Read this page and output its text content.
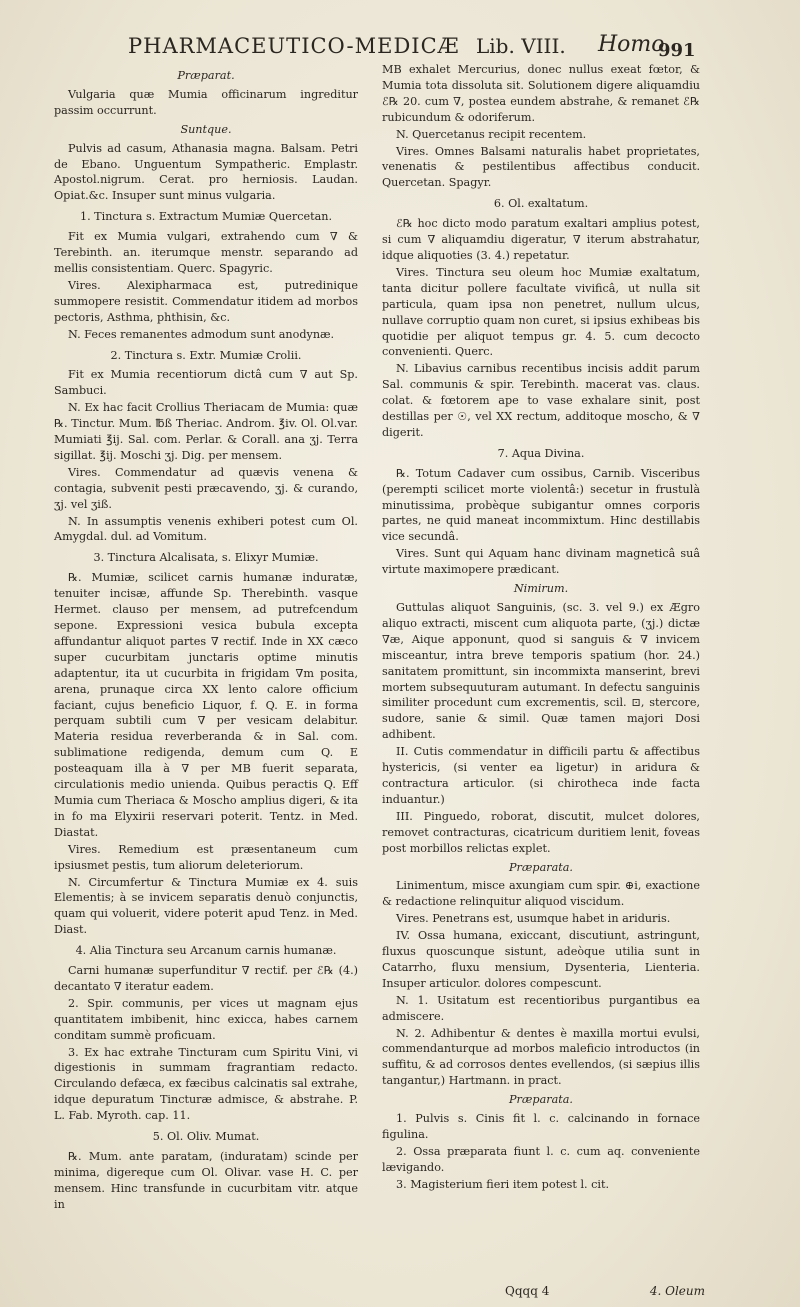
PHARMACEUTICO-MEDICÆ Lib. VIII. Homo
991
Præparat.

Vulgaria quæ Mumia officinarum ingreditur passim occurrunt.

Suntque.

Pulvis ad casum, Athanasia magna. Balsam. Petri de Ebano. Unguentum Sympatheric. Emplastr. Apostol.nigrum. Cerat. pro herniosis. Laudan. Opiat.&c. Insuper sunt minus vulgaria.

1. Tinctura s. Extractum Mumiæ Quercetan.

Fit ex Mumia vulgari, extrahendo cum ∇ & Terebinth. an. iterumque menstr. separando ad mellis consistentiam. Querc. Spagyric.

Vires. Alexipharmaca est, putredinique summopere resistit. Commendatur itidem ad morbos pectoris, Asthma, phthisin, &c.

N. Feces remanentes admodum sunt anodynæ.

2. Tinctura s. Extr. Mumiæ Crolii.

Fit ex Mumia recentiorum dictâ cum ∇ aut Sp. Sambuci.

N. Ex hac facit Crollius Theriacam de Mumia: quæ ℞. Tinctur. Mum. ℔ß Theriac. Androm. ℥iv. Ol. Ol.var. Mumiati ℥ij. Sal. com. Perlar. & Corall. ana ʒj. Terra sigillat. ℥ij. Moschi ʒj. Dig. per mensem.

Vires. Commendatur ad quævis venena & contagia, subvenit pesti præcavendo, ʒj. & curando, ʒj. vel ʒiß.

N. In assumptis venenis exhiberi potest cum Ol. Amygdal. dul. ad Vomitum.

3. Tinctura Alcalisata, s. Elixyr Mumiæ.

℞. Mumiæ, scilicet carnis humanæ induratæ, tenuiter incisæ, affunde Sp. Therebinth. vasque Hermet. clauso per mensem, ad putrefcendum sepone. Expressioni vesica bubula excepta affundantur aliquot partes ∇ rectif. Inde in XX cæco super cucurbitam junctaris optime minutis adaptentur, ita ut cucurbita in frigidam ∇m posita, arena, prunaque circa XX lento calore officium faciant, cujus beneficio Liquor, f. Q. E. in forma perquam subtili cum ∇ per vesicam delabitur. Materia residua reverberanda & in Sal. com. sublimatione redigenda, demum cum Q. E posteaquam illa à ∇ per MB fuerit separata, circulationis medio unienda. Quibus peractis Q. Eff Mumia cum Theriaca & Moscho amplius digeri, & ita in fo ma Elyxirii reservari poterit. Tentz. in Med. Diastat.

Vires. Remedium est præsentaneum cum ipsiusmet pestis, tum aliorum deleteriorum.

N. Circumfertur & Tinctura Mumiæ ex 4. suis Elementis; à se invicem separatis denuò conjunctis, quam qui voluerit, videre poterit apud Tenz. in Med. Diast.

4. Alia Tinctura seu Arcanum carnis humanæ.

Carni humanæ superfunditur ∇ rectif. per ℰ℞ (4.) decantato ∇ iteratur eadem.

2. Spir. communis, per vices ut magnam ejus quantitatem imbibenit, hinc exicca, habes carnem conditam summè proficuam.

3. Ex hac extrahe Tincturam cum Spiritu Vini, vi digestionis in summam fragrantiam redacto. Circulando defæca, ex fæcibus calcinatis sal extrahe, idque depuratum Tincturæ admisce, & abstrahe. P. L. Fab. Myroth. cap. 11.

5. Ol. Oliv. Mumat.

℞. Mum. ante paratam, (induratam) scinde per minima, digereque cum Ol. Olivar. vase H. C. per mensem. Hinc transfunde in cucurbitam vitr. atque in

MB exhalet Mercurius, donec nullus exeat fœtor, & Mumia tota dissoluta sit. Solutionem digere aliquamdiu ℰ℞ 20. cum ∇, postea eundem abstrahe, & remanet ℰ℞ rubicundum & odoriferum.

N. Quercetanus recipit recentem.

Vires. Omnes Balsami naturalis habet proprietates, venenatis & pestilentibus affectibus conducit. Quercetan. Spagyr.

6. Ol. exaltatum.

ℰ℞ hoc dicto modo paratum exaltari amplius potest, si cum ∇ aliquamdiu digeratur, ∇ iterum abstrahatur, idque aliquoties (3. 4.) repetatur.

Vires. Tinctura seu oleum hoc Mumiæ exaltatum, tanta dicitur pollere facultate vivificâ, ut nulla sit particula, quam ipsa non penetret, nullum ulcus, nullave corruptio quam non curet, si ipsius exhibeas bis quotidie per aliquot tempus gr. 4. 5. cum decocto convenienti. Querc.

N. Libavius carnibus recentibus incisis addit parum Sal. communis & spir. Terebinth. macerat vas. claus. colat. & fœtorem ape to vase exhalare sinit, post destillas per ☉, vel XX rectum, additoque moscho, & ∇ digerit.

7. Aqua Divina.

℞. Totum Cadaver cum ossibus, Carnib. Visceribus (perempti scilicet morte violentâ:) secetur in frustulà minutissima, probèque subigantur omnes corporis partes, ne quid maneat incommixtum. Hinc destillabis vice secundâ.

Vires. Sunt qui Aquam hanc divinam magneticâ suâ virtute maximopere prædicant.

Nimirum.

Guttulas aliquot Sanguinis, (sc. 3. vel 9.) ex Ægro aliquo extracti, miscent cum aliquota parte, (ʒj.) dictæ ∇æ, Aique apponunt, quod si sanguis & ∇ invicem misceantur, intra breve temporis spatium (hor. 24.) sanitatem promittunt, sin incommixta manserint, brevi mortem subsequuturam autumant. In defectu sanguinis similiter procedunt cum excrementis, scil. ⊡, stercore, sudore, sanie & simil. Quæ tamen majori Dosi adhibent.

II. Cutis commendatur in difficili partu & affectibus hystericis, (si venter ea ligetur) in aridura & contractura articulor. (si chirotheca inde facta induantur.)

III. Pinguedo, roborat, discutit, mulcet dolores, removet contracturas, cicatricum duritiem lenit, foveas post morbillos relictas explet.

Præparata.

Linimentum, misce axungiam cum spir. ⊕i, exactione & redactione relinquitur aliquod viscidum.

Vires. Penetrans est, usumque habet in ariduris.

IV. Ossa humana, exiccant, discutiunt, astringunt, fluxus quoscunque sistunt, adeòque utilia sunt in Catarrho, fluxu mensium, Dysenteria, Lienteria. Insuper articulor. dolores compescunt.

N. 1. Usitatum est recentioribus purgantibus ea admiscere.

N. 2. Adhibentur & dentes è maxilla mortui evulsi, commendanturque ad morbos maleficio introductos (in suffitu, & ad corrosos dentes evellendos, (si sæpius illis tangantur,) Hartmann. in pract.

Præparata.

1. Pulvis s. Cinis fit l. c. calcinando in fornace figulina.

2. Ossa præparata fiunt l. c. cum aq. conveniente lævigando.

3. Magisterium fieri item potest l. cit.

Qqqq 4	4. Oleum
